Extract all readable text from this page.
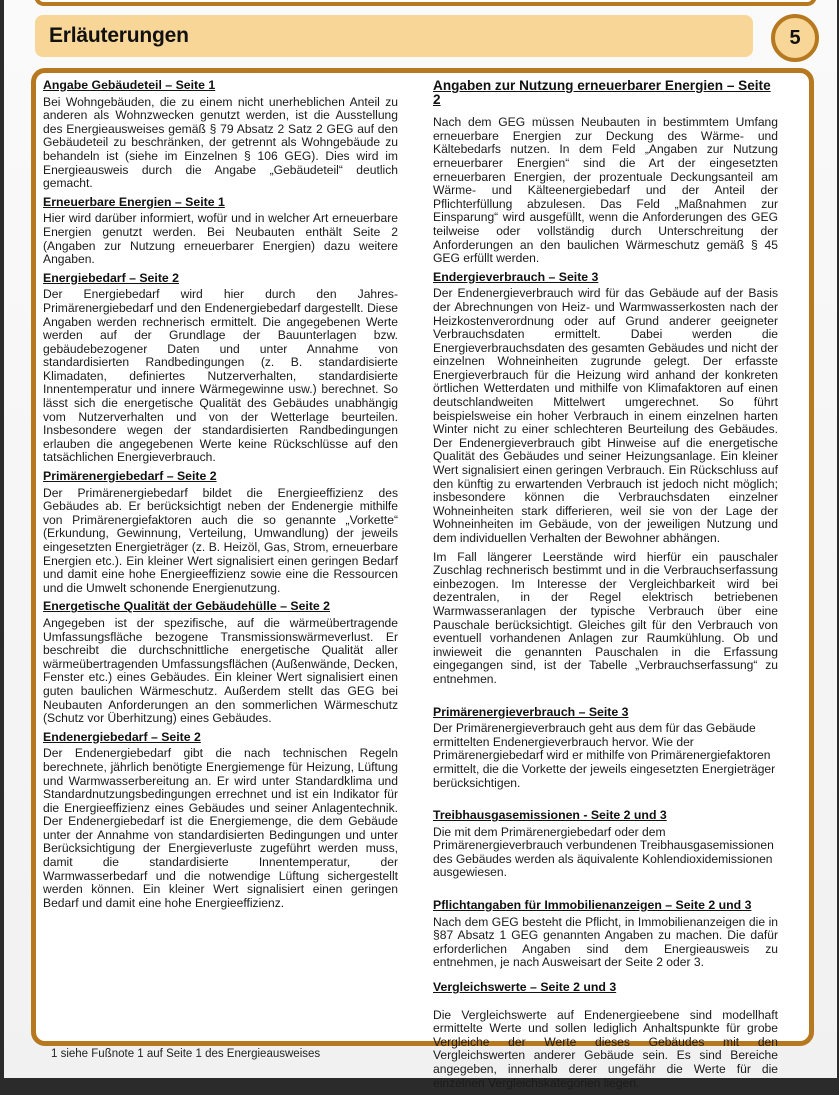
Erläuterungen	5
Angabe Gebäudeteil – Seite 1

Bei Wohngebäuden, die zu einem nicht unerheblichen Anteil zu anderen als Wohnzwecken genutzt werden, ist die Ausstellung des Energieausweises gemäß § 79 Absatz 2 Satz 2 GEG auf den Gebäudeteil zu beschränken, der getrennt als Wohngebäude zu behandeln ist (siehe im Einzelnen § 106 GEG). Dies wird im Energieausweis durch die Angabe „Gebäudeteil“ deutlich gemacht.

Erneuerbare Energien – Seite 1

Hier wird darüber informiert, wofür und in welcher Art erneuerbare Energien genutzt werden. Bei Neubauten enthält Seite 2 (Angaben zur Nutzung erneuerbarer Energien) dazu weitere Angaben.

Energiebedarf – Seite 2

Der Energiebedarf wird hier durch den Jahres-Primärenergiebedarf und den Endenergiebedarf dargestellt. Diese Angaben werden rechnerisch ermittelt. Die angegebenen Werte werden auf der Grundlage der Bauunterlagen bzw. gebäudebezogener Daten und unter Annahme von standardisierten Randbedingungen (z. B. standardisierte Klimadaten, definiertes Nutzerverhalten, standardisierte Innentemperatur und innere Wärmegewinne usw.) berechnet. So lässt sich die energetische Qualität des Gebäudes unabhängig vom Nutzerverhalten und von der Wetterlage beurteilen. Insbesondere wegen der standardisierten Randbedingungen erlauben die angegebenen Werte keine Rückschlüsse auf den tatsächlichen Energieverbrauch.

Primärenergiebedarf – Seite 2

Der Primärenergiebedarf bildet die Energieeffizienz des Gebäudes ab. Er berücksichtigt neben der Endenergie mithilfe von Primärenergiefaktoren auch die so genannte „Vorkette“ (Erkundung, Gewinnung, Verteilung, Umwandlung) der jeweils eingesetzten Energieträger (z. B. Heizöl, Gas, Strom, erneuerbare Energien etc.). Ein kleiner Wert signalisiert einen geringen Bedarf und damit eine hohe Energieeffizienz sowie eine die Ressourcen und die Umwelt schonende Energienutzung.

Energetische Qualität der Gebäudehülle – Seite 2

Angegeben ist der spezifische, auf die wärmeübertragende Umfassungsfläche bezogene Transmissionswärmeverlust. Er beschreibt die durchschnittliche energetische Qualität aller wärmeübertragenden Umfassungsflächen (Außenwände, Decken, Fenster etc.) eines Gebäudes. Ein kleiner Wert signalisiert einen guten baulichen Wärmeschutz. Außerdem stellt das GEG bei Neubauten Anforderungen an den sommerlichen Wärmeschutz (Schutz vor Überhitzung) eines Gebäudes.

Endenergiebedarf – Seite 2

Der Endenergiebedarf gibt die nach technischen Regeln berechnete, jährlich benötigte Energiemenge für Heizung, Lüftung und Warmwasserbereitung an. Er wird unter Standardklima und Standardnutzungsbedingungen errechnet und ist ein Indikator für die Energieeffizienz eines Gebäudes und seiner Anlagentechnik. Der Endenergiebedarf ist die Energiemenge, die dem Gebäude unter der Annahme von standardisierten Bedingungen und unter Berücksichtigung der Energieverluste zugeführt werden muss, damit die standardisierte Innentemperatur, der Warmwasserbedarf und die notwendige Lüftung sichergestellt werden können. Ein kleiner Wert signalisiert einen geringen Bedarf und damit eine hohe Energieeffizienz.

Angaben zur Nutzung erneuerbarer Energien – Seite 2

Nach dem GEG müssen Neubauten in bestimmtem Umfang erneuerbare Energien zur Deckung des Wärme- und Kältebedarfs nutzen. In dem Feld „Angaben zur Nutzung erneuerbarer Energien“ sind die Art der eingesetzten erneuerbaren Energien, der prozentuale Deckungsanteil am Wärme- und Kälteenergiebedarf und der Anteil der Pflichterfüllung abzulesen. Das Feld „Maßnahmen zur Einsparung“ wird ausgefüllt, wenn die Anforderungen des GEG teilweise oder vollständig durch Unterschreitung der Anforderungen an den baulichen Wärmeschutz gemäß § 45 GEG erfüllt werden.

Endergieverbrauch – Seite 3

Der Endenergieverbrauch wird für das Gebäude auf der Basis der Abrechnungen von Heiz- und Warmwasserkosten nach der Heizkostenverordnung oder auf Grund anderer geeigneter Verbrauchsdaten ermittelt. Dabei werden die Energieverbrauchsdaten des gesamten Gebäudes und nicht der einzelnen Wohneinheiten zugrunde gelegt. Der erfasste Energieverbrauch für die Heizung wird anhand der konkreten örtlichen Wetterdaten und mithilfe von Klimafaktoren auf einen deutschlandweiten Mittelwert umgerechnet. So führt beispielsweise ein hoher Verbrauch in einem einzelnen harten Winter nicht zu einer schlechteren Beurteilung des Gebäudes. Der Endenergieverbrauch gibt Hinweise auf die energetische Qualität des Gebäudes und seiner Heizungsanlage. Ein kleiner Wert signalisiert einen geringen Verbrauch. Ein Rückschluss auf den künftig zu erwartenden Verbrauch ist jedoch nicht möglich; insbesondere können die Verbrauchsdaten einzelner Wohneinheiten stark differieren, weil sie von der Lage der Wohneinheiten im Gebäude, von der jeweiligen Nutzung und dem individuellen Verhalten der Bewohner abhängen.

Im Fall längerer Leerstände wird hierfür ein pauschaler Zuschlag rechnerisch bestimmt und in die Verbrauchserfassung einbezogen. Im Interesse der Vergleichbarkeit wird bei dezentralen, in der Regel elektrisch betriebenen Warmwasseranlagen der typische Verbrauch über eine Pauschale berücksichtigt. Gleiches gilt für den Verbrauch von eventuell vorhandenen Anlagen zur Raumkühlung. Ob und inwieweit die genannten Pauschalen in die Erfassung eingegangen sind, ist der Tabelle „Verbrauchserfassung“ zu entnehmen.

Primärenergieverbrauch – Seite 3

Der Primärenergieverbrauch geht aus dem für das Gebäude ermittelten Endenergieverbrauch hervor. Wie der Primärenergiebedarf wird er mithilfe von Primärenergiefaktoren ermittelt, die die Vorkette der jeweils eingesetzten Energieträger berücksichtigen.

Treibhausgasemissionen - Seite 2 und 3

Die mit dem Primärenergiebedarf oder dem Primärenergieverbrauch verbundenen Treibhausgasemissionen des Gebäudes werden als äquivalente Kohlendioxidemissionen ausgewiesen.

Pflichtangaben für Immobilienanzeigen – Seite 2 und 3

Nach dem GEG besteht die Pflicht, in Immobilienanzeigen die in §87 Absatz 1 GEG genannten Angaben zu machen. Die dafür erforderlichen Angaben sind dem Energieausweis zu entnehmen, je nach Ausweisart der Seite 2 oder 3.

Vergleichswerte – Seite 2 und 3

Die Vergleichswerte auf Endenergieebene sind modellhaft ermittelte Werte und sollen lediglich Anhaltspunkte für grobe Vergleiche der Werte dieses Gebäudes mit den Vergleichswerten anderer Gebäude sein. Es sind Bereiche angegeben, innerhalb derer ungefähr die Werte für die einzelnen Vergleichskategorien liegen.

1 siehe Fußnote 1 auf Seite 1 des Energieausweises
